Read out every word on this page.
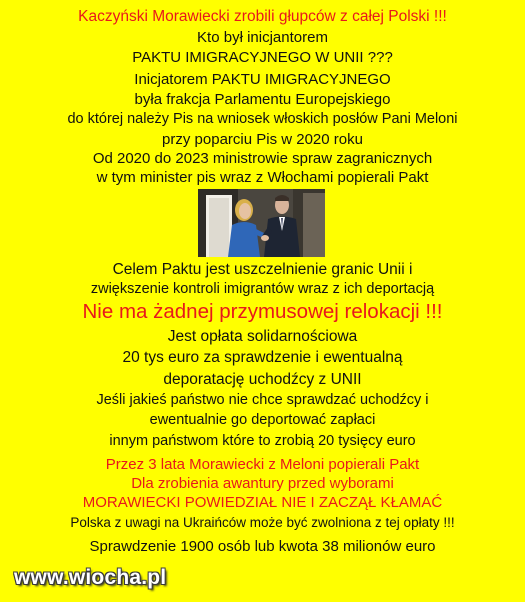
Kaczyński Morawiecki zrobili głupców z całej Polski !!!
Kto był inicjantorem
PAKTU IMIGRACYJNEGO W UNII ???
Inicjatorem PAKTU IMIGRACYJNEGO
była frakcja Parlamentu Europejskiego
do której należy Pis na wniosek włoskich posłów Pani Meloni
przy poparciu Pis w 2020 roku
Od 2020 do 2023 ministrowie spraw zagranicznych
w tym minister pis wraz z Włochami popierali Pakt
Celem Paktu jest uszczelnienie granic Unii i
zwiększenie kontroli imigrantów wraz z ich deportacją
Nie ma żadnej przymusowej relokacji !!!
Jest opłata solidarnościowa
20 tys euro za sprawdzenie i ewentualną
deporatację uchodźcy z UNII
Jeśli jakieś państwo nie chce sprawdzać uchodźcy i
ewentualnie go deportować zapłaci
innym państwom które to zrobią 20 tysięcy euro
Przez 3 lata Morawiecki z Meloni popierali Pakt
Dla zrobienia awantury przed wyborami
MORAWIECKI POWIEDZIAŁ NIE I ZACZĄŁ KŁAMAĆ
Polska z uwagi na Ukraińców może być zwolniona z tej opłaty !!!
Sprawdzenie 1900 osób lub kwota 38 milionów euro
www.wiocha.pl
